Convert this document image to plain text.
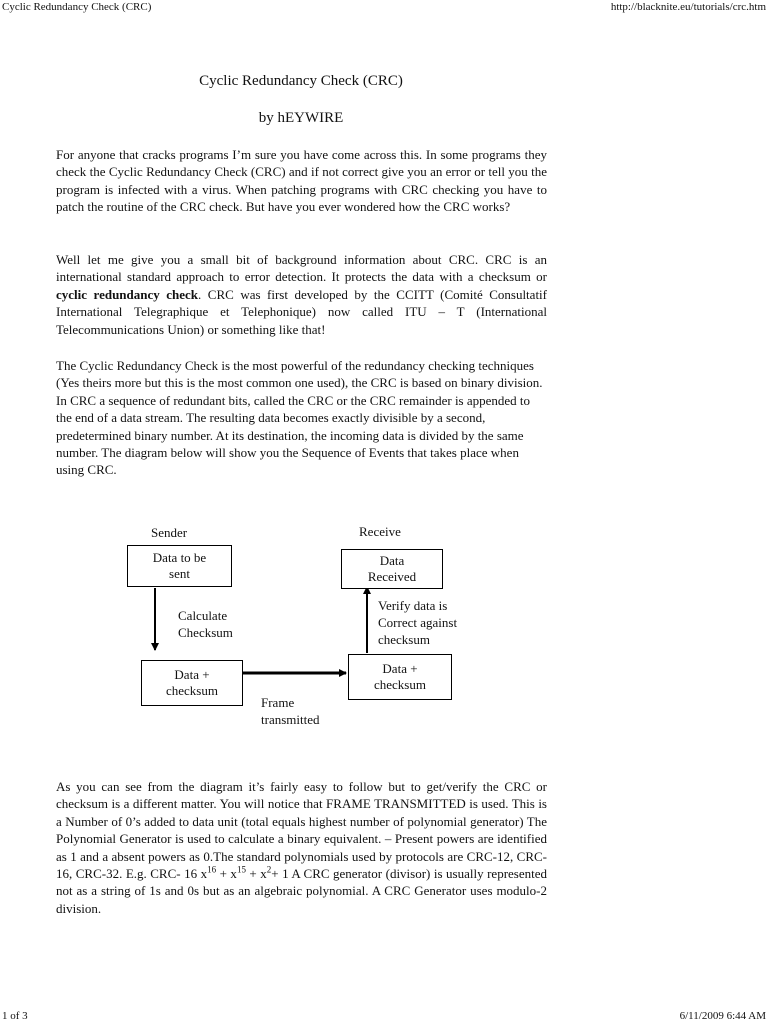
Cyclic Redundancy Check (CRC)	http://blacknite.eu/tutorials/crc.htm
Cyclic Redundancy Check (CRC)
by hEYWIRE

For anyone that cracks programs I’m sure you have come across this. In some programs they check the Cyclic Redundancy Check (CRC) and if not correct give you an error or tell you the program is infected with a virus. When patching programs with CRC checking you have to patch the routine of the CRC check. But have you ever wondered how the CRC works?

Well let me give you a small bit of background information about CRC. CRC is an international standard approach to error detection. It protects the data with a checksum or cyclic redundancy check. CRC was first developed by the CCITT (Comité Consultatif International Telegraphique et Telephonique) now called ITU – T (International Telecommunications Union) or something like that!

The Cyclic Redundancy Check is the most powerful of the redundancy checking techniques (Yes theirs more but this is the most common one used), the CRC is based on binary division. In CRC a sequence of redundant bits, called the CRC or the CRC remainder is appended to the end of a data stream. The resulting data becomes exactly divisible by a second, predetermined binary number. At its destination, the incoming data is divided by the same number. The diagram below will show you the Sequence of Events that takes place when using CRC.

Sender	Receive
Data to be
sent
Data
Received
Calculate
Checksum
Verify data is
Correct against
checksum
Data +
checksum
Data +
checksum
Frame
transmitted

As you can see from the diagram it’s fairly easy to follow but to get/verify the CRC or checksum is a different matter. You will notice that FRAME TRANSMITTED is used. This is a Number of 0’s added to data unit (total equals highest number of polynomial generator) The Polynomial Generator is used to calculate a binary equivalent. – Present powers are identified as 1 and a absent powers as 0.The standard polynomials used by protocols are CRC-12, CRC-16, CRC-32. E.g. CRC- 16 $x^{16} + x^{15} + x^2+ 1$ A CRC generator (divisor) is usually represented not as a string of 1s and 0s but as an algebraic polynomial. A CRC Generator uses modulo-2 division.

1 of 3	6/11/2009 6:44 AM
